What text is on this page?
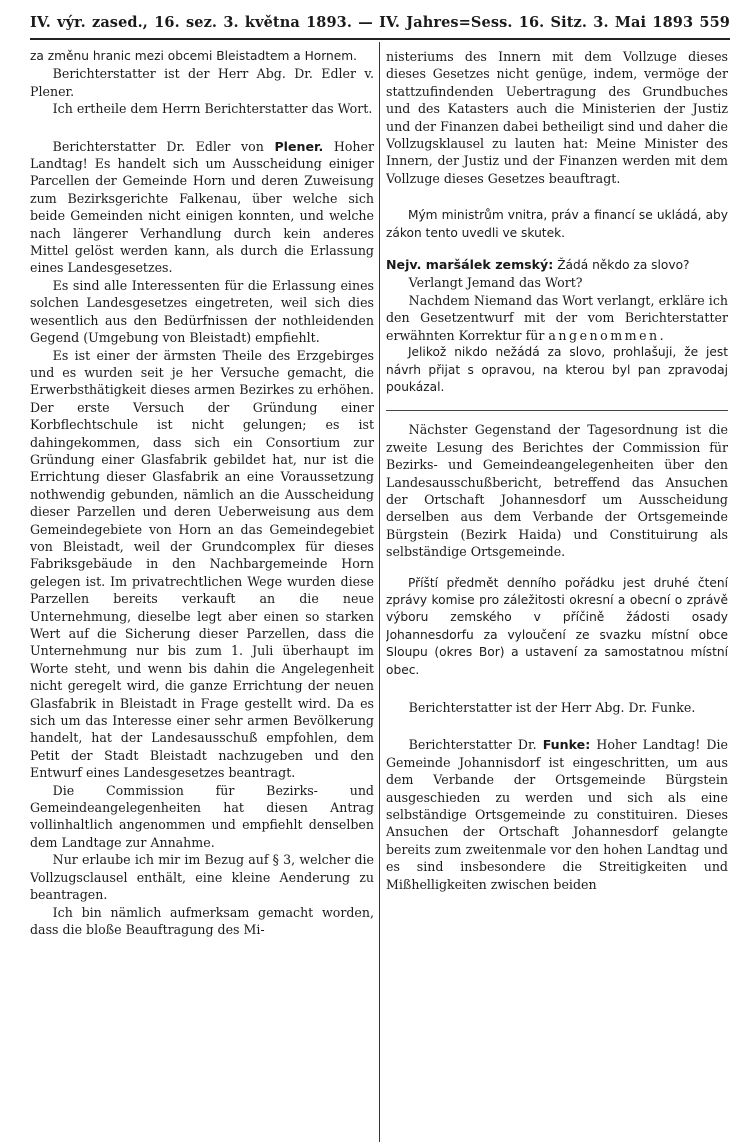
IV. výr. zased., 16. sez. 3. května 1893. — IV. Jahres=Sess. 16. Sitz. 3. Mai 1893 559

za změnu hranic mezi obcemi Bleistadtem a Hornem.

Berichterstatter ist der Herr Abg. Dr. Edler v. Plener.

Ich ertheile dem Herrn Berichterstatter das Wort.

Berichterstatter Dr. Edler von Plener. Hoher Landtag! Es handelt sich um Ausscheidung einiger Parcellen der Gemeinde Horn und deren Zuweisung zum Bezirksgerichte Falkenau, über welche sich beide Gemeinden nicht einigen konnten, und welche nach längerer Verhandlung durch kein anderes Mittel gelöst werden kann, als durch die Erlassung eines Landesgesetzes.

Es sind alle Interessenten für die Erlassung eines solchen Landesgesetzes eingetreten, weil sich dies wesentlich aus den Bedürfnissen der nothleidenden Gegend (Umgebung von Bleistadt) empfiehlt.

Es ist einer der ärmsten Theile des Erzgebirges und es wurden seit je her Versuche gemacht, die Erwerbsthätigkeit dieses armen Bezirkes zu erhöhen. Der erste Versuch der Gründung einer Korbflechtschule ist nicht gelungen; es ist dahingekommen, dass sich ein Consortium zur Gründung einer Glasfabrik gebildet hat, nur ist die Errichtung dieser Glasfabrik an eine Voraussetzung nothwendig gebunden, nämlich an die Ausscheidung dieser Parzellen und deren Ueberweisung aus dem Gemeindegebiete von Horn an das Gemeindegebiet von Bleistadt, weil der Grundcomplex für dieses Fabriksgebäude in den Nachbargemeinde Horn gelegen ist. Im privatrechtlichen Wege wurden diese Parzellen bereits verkauft an die neue Unternehmung, dieselbe legt aber einen so starken Wert auf die Sicherung dieser Parzellen, dass die Unternehmung nur bis zum 1. Juli überhaupt im Worte steht, und wenn bis dahin die Angelegenheit nicht geregelt wird, die ganze Errichtung der neuen Glasfabrik in Bleistadt in Frage gestellt wird. Da es sich um das Interesse einer sehr armen Bevölkerung handelt, hat der Landesausschuß empfohlen, dem Petit der Stadt Bleistadt nachzugeben und den Entwurf eines Landesgesetzes beantragt.

Die Commission für Bezirks- und Gemeindeangelegenheiten hat diesen Antrag vollinhaltlich angenommen und empfiehlt denselben dem Landtage zur Annahme.

Nur erlaube ich mir im Bezug auf § 3, welcher die Vollzugsclausel enthält, eine kleine Aenderung zu beantragen.

Ich bin nämlich aufmerksam gemacht worden, dass die bloße Beauftragung des Mi-

nisteriums des Innern mit dem Vollzuge dieses dieses Gesetzes nicht genüge, indem, vermöge der stattzufindenden Uebertragung des Grundbuches und des Katasters auch die Ministerien der Justiz und der Finanzen dabei betheiligt sind und daher die Vollzugsklausel zu lauten hat: Meine Minister des Innern, der Justiz und der Finanzen werden mit dem Vollzuge dieses Gesetzes beauftragt.

Mým ministrům vnitra, práv a financí se ukládá, aby zákon tento uvedli ve skutek.

Nejv. maršálek zemský: Žádá někdo za slovo?

Verlangt Jemand das Wort?

Nachdem Niemand das Wort verlangt, erkläre ich den Gesetzentwurf mit der vom Berichterstatter erwähnten Korrektur für angenommen.

Jelikož nikdo nežádá za slovo, prohlašuji, že jest návrh přijat s opravou, na kterou byl pan zpravodaj poukázal.

Nächster Gegenstand der Tagesordnung ist die zweite Lesung des Berichtes der Commission für Bezirks- und Gemeindeangelegenheiten über den Landesausschußbericht, betreffend das Ansuchen der Ortschaft Johannesdorf um Ausscheidung derselben aus dem Verbande der Ortsgemeinde Bürgstein (Bezirk Haida) und Constituirung als selbständige Ortsgemeinde.

Příští předmět denního pořádku jest druhé čtení zprávy komise pro záležitosti okresní a obecní o zprávě výboru zemského v příčině žádosti osady Johannesdorfu za vyloučení ze svazku místní obce Sloupu (okres Bor) a ustavení za samostatnou místní obec.

Berichterstatter ist der Herr Abg. Dr. Funke.

Berichterstatter Dr. Funke: Hoher Landtag! Die Gemeinde Johannisdorf ist eingeschritten, um aus dem Verbande der Ortsgemeinde Bürgstein ausgeschieden zu werden und sich als eine selbständige Ortsgemeinde zu constituiren. Dieses Ansuchen der Ortschaft Johannesdorf gelangte bereits zum zweitenmale vor den hohen Landtag und es sind insbesondere die Streitigkeiten und Mißhelligkeiten zwischen beiden
